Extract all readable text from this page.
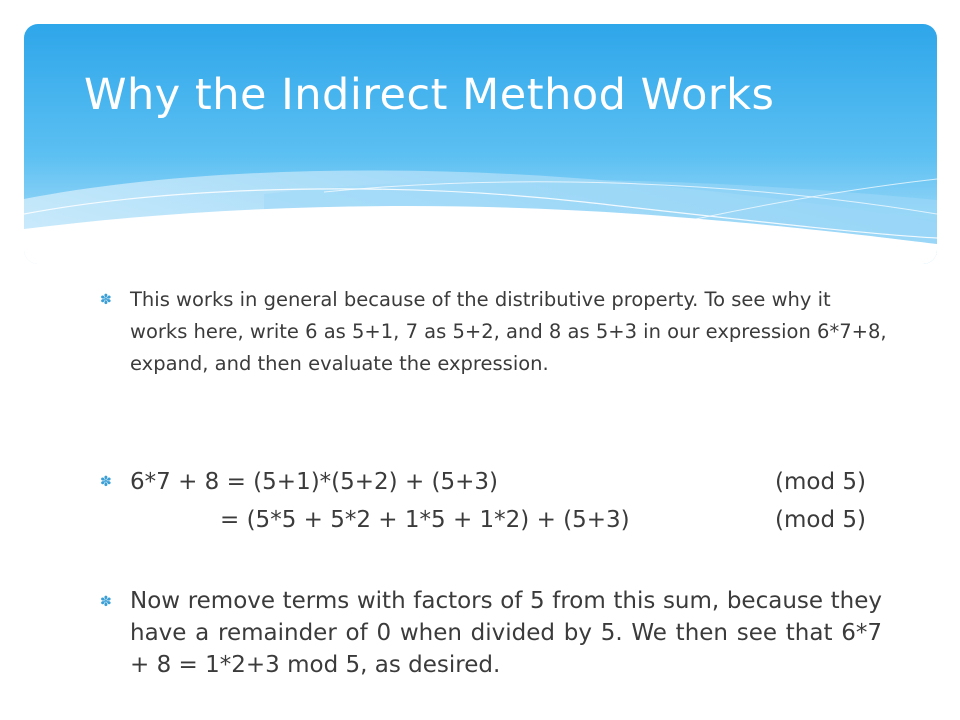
Why the Indirect Method Works
✽ This works in general because of the distributive property. To see why it works here, write 6 as 5+1, 7 as 5+2, and 8 as 5+3 in our expression 6*7+8, expand, and then evaluate the expression.

✽ 6*7 + 8 = (5+1)*(5+2) + (5+3)	(mod 5)
= (5*5 + 5*2 + 1*5 + 1*2) + (5+3)	(mod 5)
✽ Now remove terms with factors of 5 from this sum, because they have a remainder of 0 when divided by 5. We then see that 6*7 + 8 = 1*2+3 mod 5, as desired.
